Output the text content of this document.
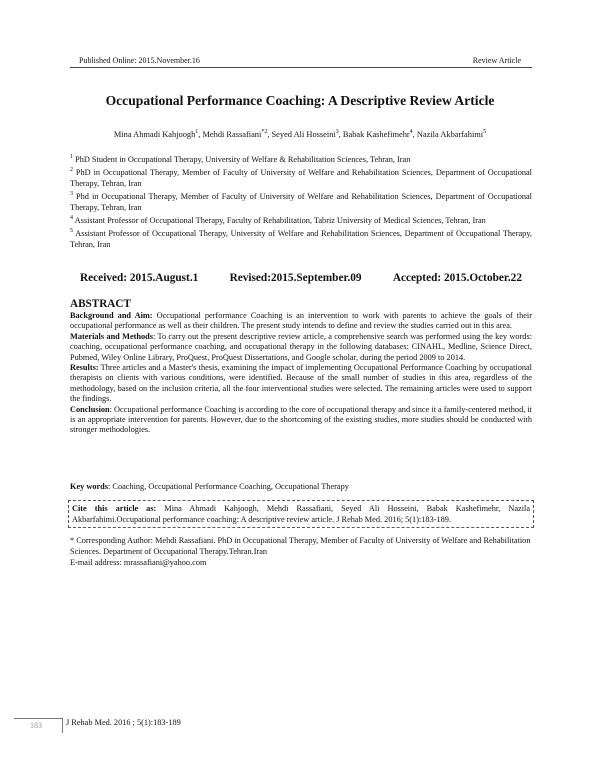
Published Online: 2015.November.16	Review Article
Occupational Performance Coaching: A Descriptive Review Article
Mina Ahmadi Kahjoogh$^1$, Mehdi Rassafiani$^{*2}$, Seyed Ali Hosseini$^3$, Babak Kashefimehr$^4$, Nazila Akbarfahimi$^5$

$^1$ PhD Student in Occupational Therapy, University of Welfare & Rehabilitation Sciences, Tehran, Iran

$^2$ PhD in Occupational Therapy, Member of Faculty of University of Welfare and Rehabilitation Sciences, Department of Occupational Therapy, Tehran, Iran

$^3$ Phd in Occupational Therapy, Member of Faculty of University of Welfare and Rehabilitation Sciences, Department of Occupational Therapy, Tehran, Iran

$^4$ Assistant Professor of Occupational Therapy, Faculty of Rehabilitation, Tabriz University of Medical Sciences, Tehran, Iran

$^5$ Assistant Professor of Occupational Therapy, University of Welfare and Rehabilitation Sciences, Department of Occupational Therapy, Tehran, Iran

Received: 2015.August.1	Revised:2015.September.09	Accepted: 2015.October.22
ABSTRACT

Background and Aim: Occupational performance Coaching is an intervention to work with parents to achieve the goals of their occupational performance as well as their children. The present study intends to define and review the studies carried out in this area.

Materials and Methods: To carry out the present descriptive review article, a comprehensive search was performed using the key words: coaching, occupational performance coaching, and occupational therapy in the following databases: CINAHL, Medline, Science Direct, Pubmed, Wiley Online Library, ProQuest, ProQuest Dissertations, and Google scholar, during the period 2009 to 2014.

Results: Three articles and a Master's thesis, examining the impact of implementing Occupational Performance Coaching by occupational therapists on clients with various conditions, were identified. Because of the small number of studies in this area, regardless of the methodology, based on the inclusion criteria, all the four interventional studies were selected. The remaining articles were used to support the findings.

Conclusion: Occupational performance Coaching is according to the core of occupational therapy and since it a family-centered method, it is an appropriate intervention for parents. However, due to the shortcoming of the existing studies, more studies should be conducted with stronger methodologies.

Key words: Coaching, Occupational Performance Coaching, Occupational Therapy
Cite this article as: Mina Ahmadi Kahjoogh, Mehdi Rassafiani, Seyed Ali Hosseini, Babak Kashefimehr, Nazila Akbarfahimi.Occupational performance coaching: A descriptive review article. J Rehab Med. 2016; 5(1):183-189.

* Corresponding Author: Mehdi Rassafiani. PhD in Occupational Therapy, Member of Faculty of University of Welfare and Rehabilitation Sciences. Department of Occupational Therapy.Tehran.Iran

E-mail address: mrassafiani@yahoo.com

183	J Rehab Med. 2016 ; 5(1):183-189
